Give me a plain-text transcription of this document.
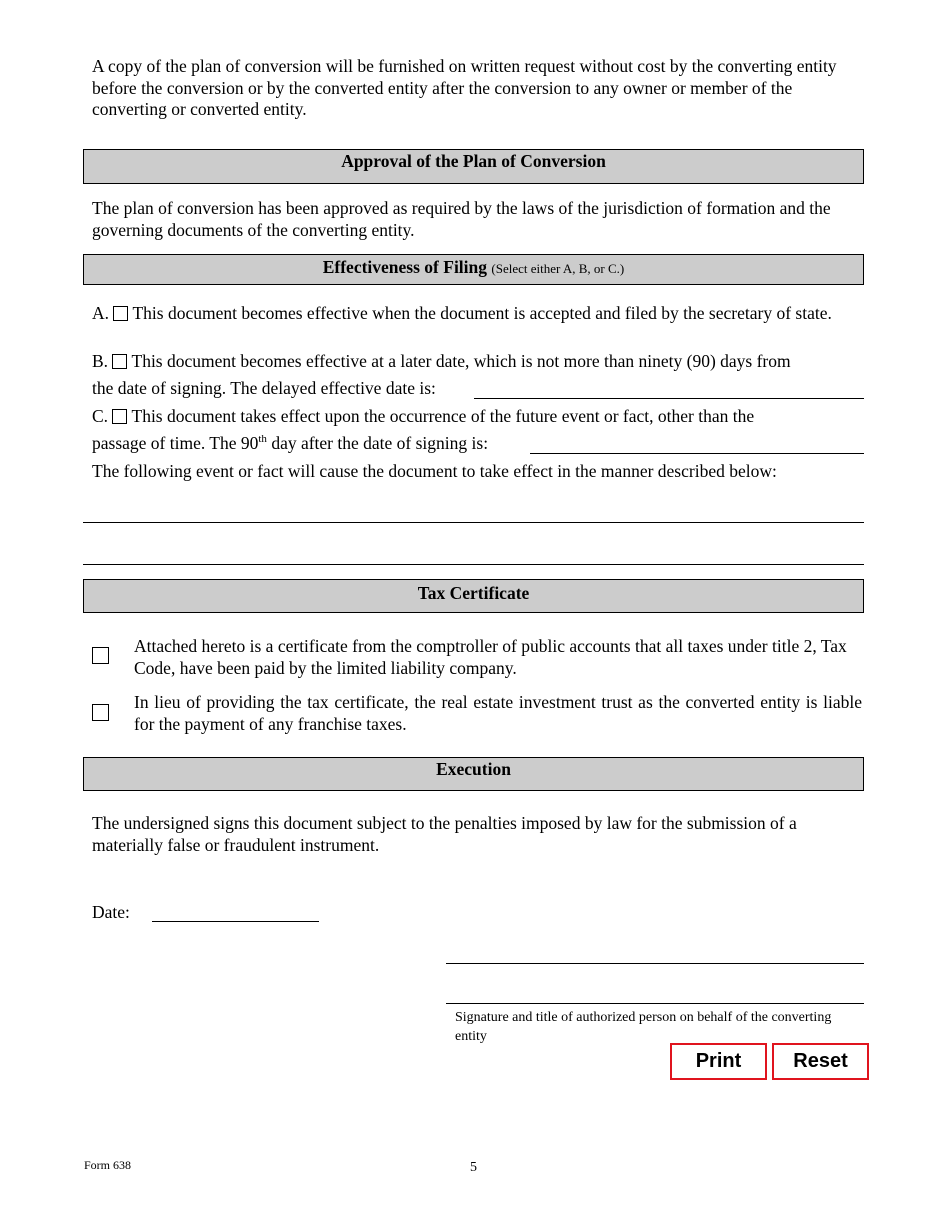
A copy of the plan of conversion will be furnished on written request without cost by the converting entity before the conversion or by the converted entity after the conversion to any owner or member of the converting or converted entity.
Approval of the Plan of Conversion
The plan of conversion has been approved as required by the laws of the jurisdiction of formation and the governing documents of the converting entity.
Effectiveness of Filing (Select either A, B, or C.)
A. This document becomes effective when the document is accepted and filed by the secretary of state.
B. This document becomes effective at a later date, which is not more than ninety (90) days from
the date of signing. The delayed effective date is:
C. This document takes effect upon the occurrence of the future event or fact, other than the
passage of time. The 90th day after the date of signing is:
The following event or fact will cause the document to take effect in the manner described below:
Tax Certificate
Attached hereto is a certificate from the comptroller of public accounts that all taxes under title 2, Tax Code, have been paid by the limited liability company.
In lieu of providing the tax certificate, the real estate investment trust as the converted entity is liable for the payment of any franchise taxes.
Execution
The undersigned signs this document subject to the penalties imposed by law for the submission of a materially false or fraudulent instrument.
Date:
Signature and title of authorized person on behalf of the converting entity
Print	Reset
Form 638	5
